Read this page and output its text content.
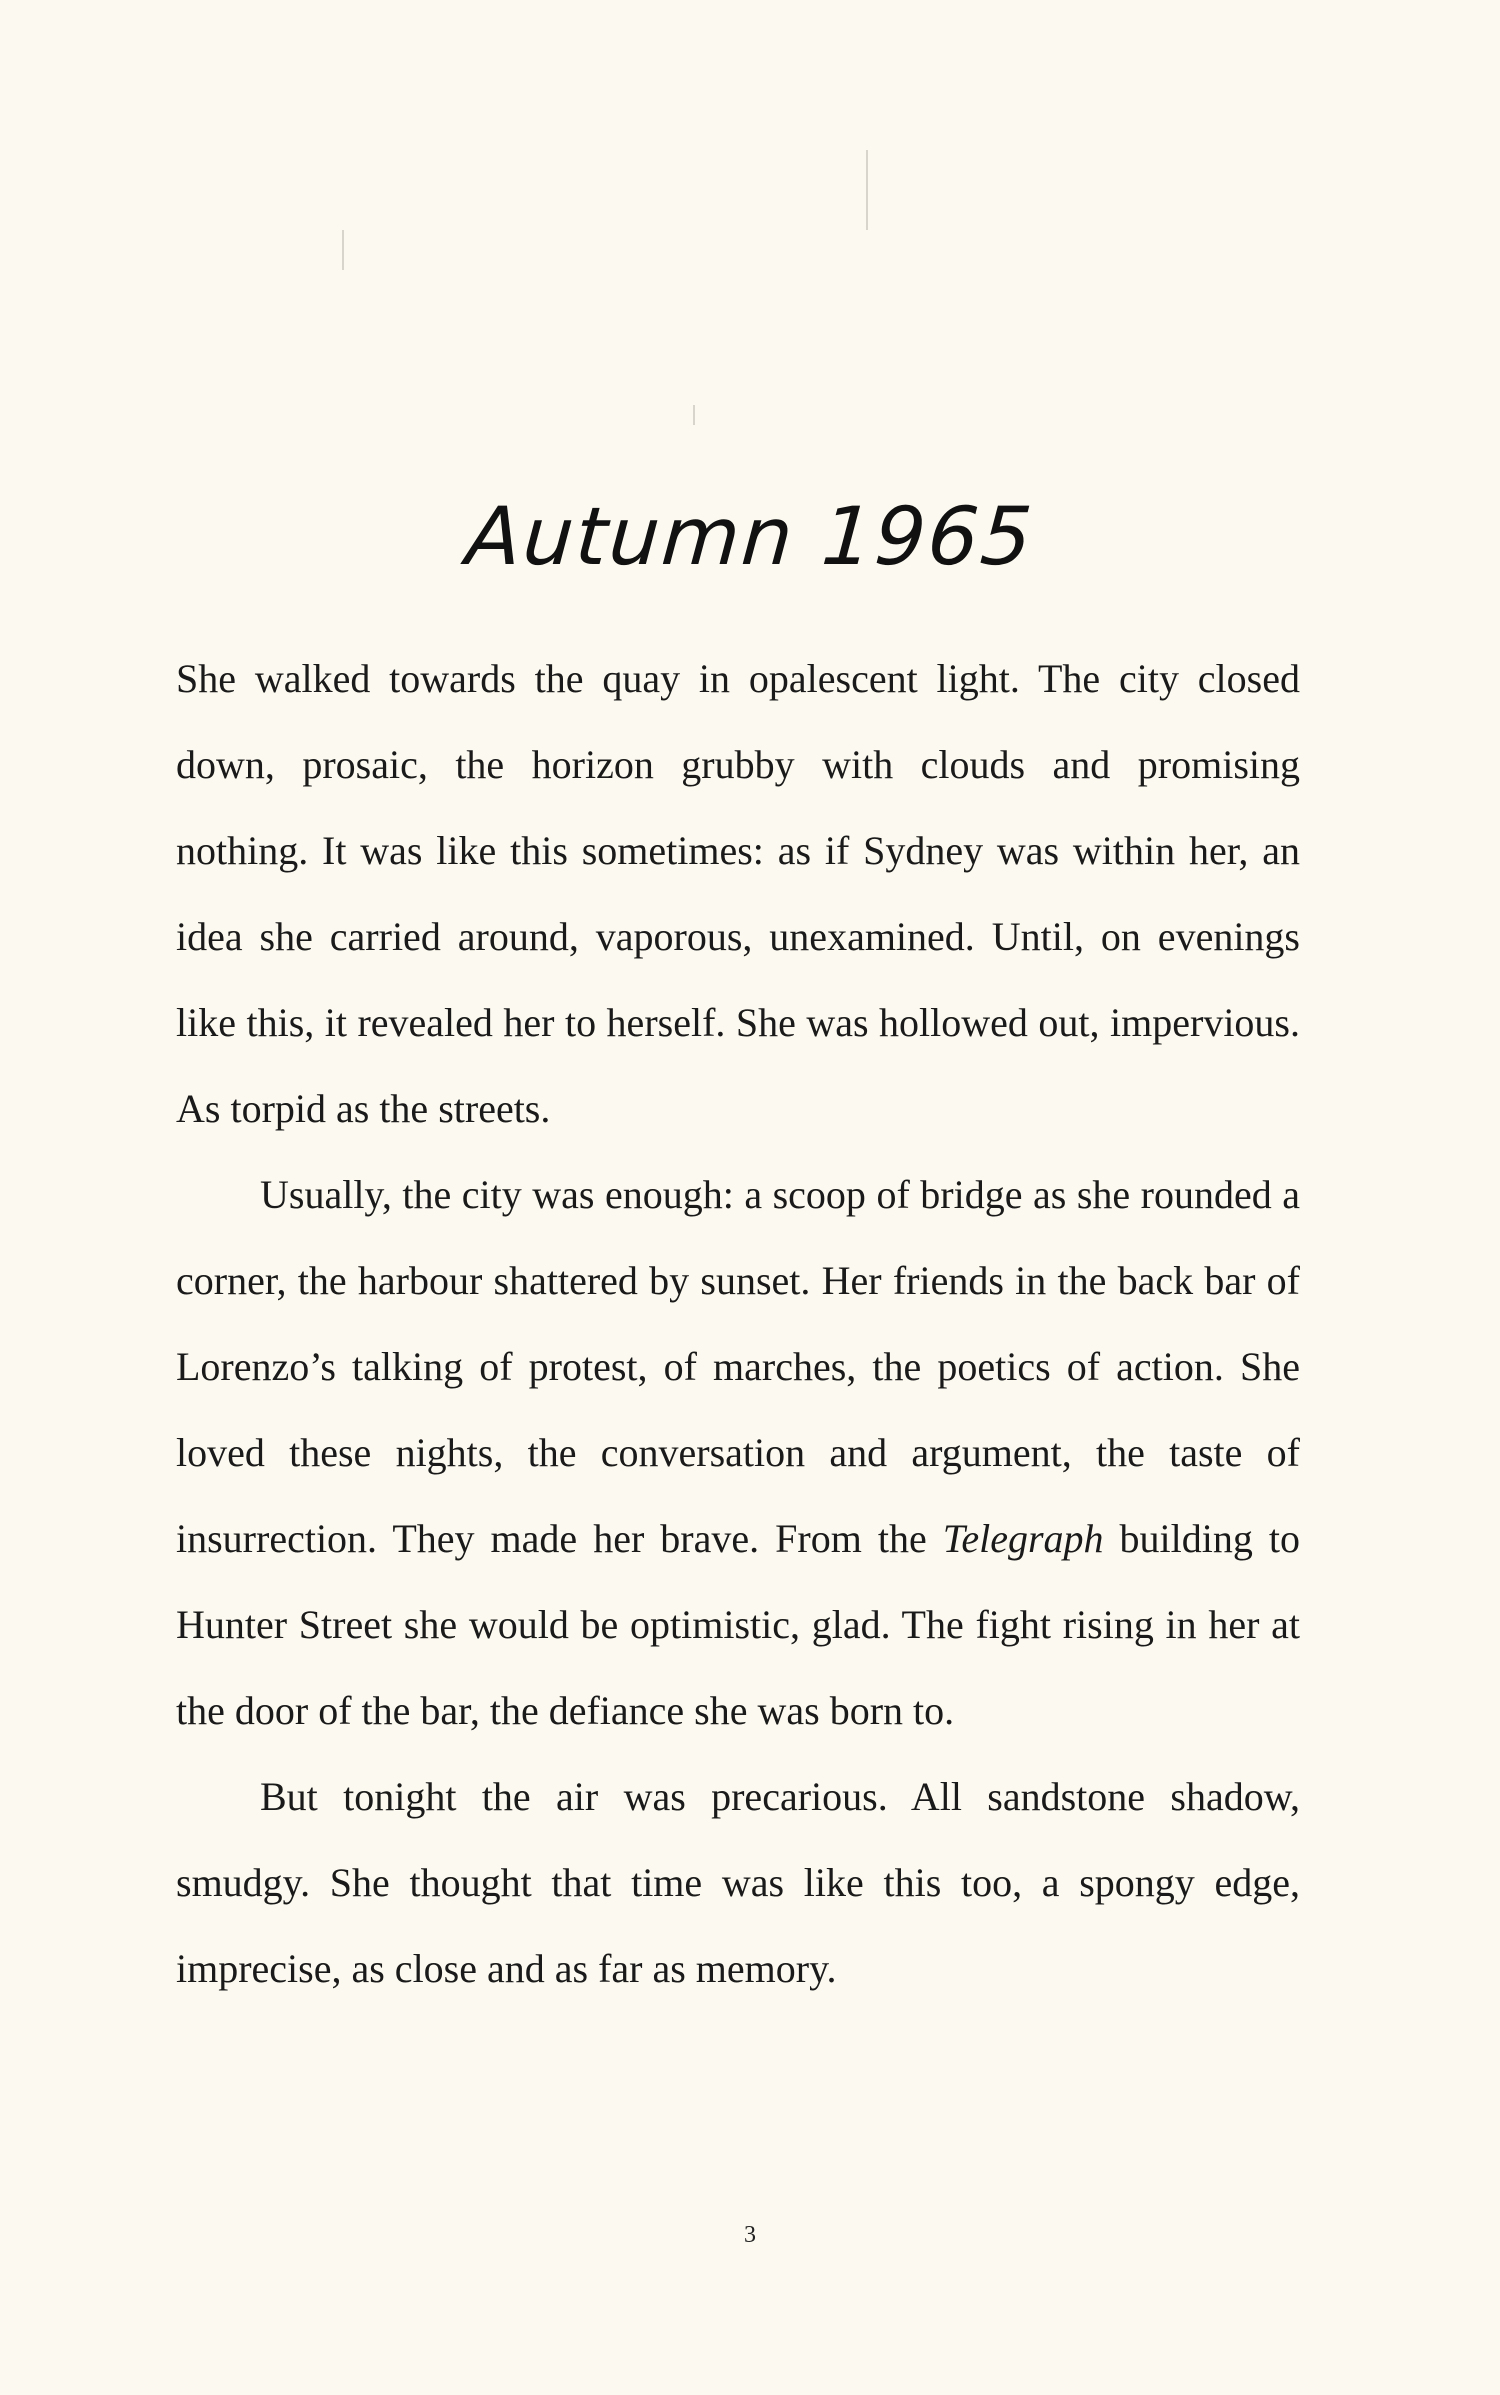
Autumn 1965

She walked towards the quay in opalescent light. The city closed down, prosaic, the horizon grubby with clouds and promising nothing. It was like this sometimes: as if Sydney was within her, an idea she carried around, vaporous, unexamined. Until, on evenings like this, it revealed her to herself. She was hollowed out, impervious. As torpid as the streets.

Usually, the city was enough: a scoop of bridge as she rounded a corner, the harbour shattered by sunset. Her friends in the back bar of Lorenzo’s talking of protest, of marches, the poetics of action. She loved these nights, the conversation and argument, the taste of insurrection. They made her brave. From the Telegraph building to Hunter Street she would be optimistic, glad. The fight rising in her at the door of the bar, the defiance she was born to.

But tonight the air was precarious. All sandstone shadow, smudgy. She thought that time was like this too, a spongy edge, imprecise, as close and as far as memory.

3
